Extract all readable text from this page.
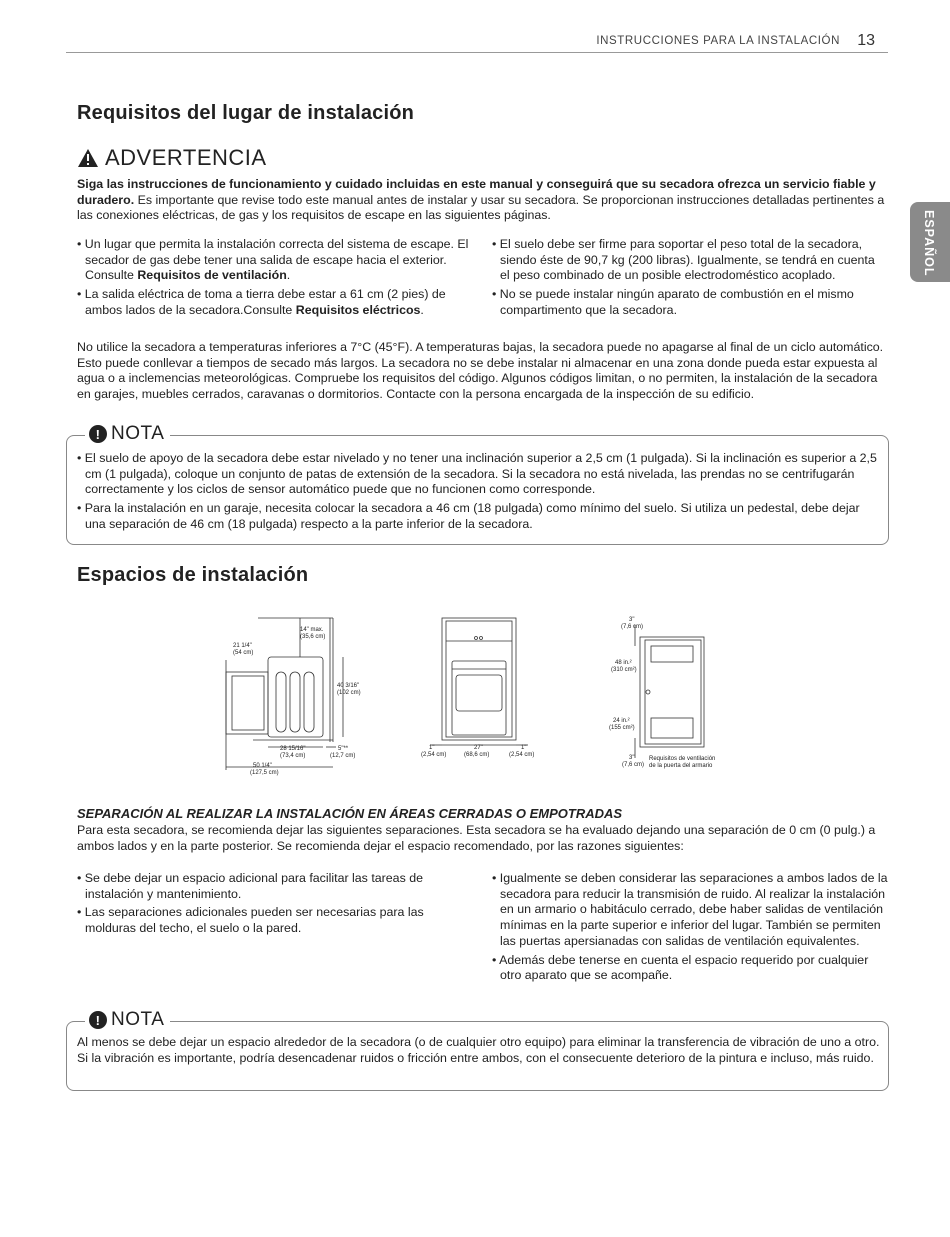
INSTRUCCIONES PARA LA INSTALACIÓN 13
ESPAÑOL
Requisitos del lugar de instalación
ADVERTENCIA
Siga las instrucciones de funcionamiento y cuidado incluidas en este manual y conseguirá que su secadora ofrezca un servicio fiable y duradero. Es importante que revise todo este manual antes de instalar y usar su secadora. Se proporcionan instrucciones detalladas pertinentes a las conexiones eléctricas, de gas y los requisitos de escape en las siguientes páginas.
• Un lugar que permita la instalación correcta del sistema de escape. El secador de gas debe tener una salida de escape hacia el exterior. Consulte Requisitos de ventilación.
• La salida eléctrica de toma a tierra debe estar a 61 cm (2 pies) de ambos lados de la secadora.Consulte Requisitos eléctricos.
• El suelo debe ser firme para soportar el peso total de la secadora, siendo éste de 90,7 kg (200 libras). Igualmente, se tendrá en cuenta el peso combinado de un posible electrodoméstico acoplado.
• No se puede instalar ningún aparato de combustión en el mismo compartimento que la secadora.
No utilice la secadora a temperaturas inferiores a 7°C (45°F). A temperaturas bajas, la secadora puede no apagarse al final de un ciclo automático. Esto puede conllevar a tiempos de secado más largos. La secadora no se debe instalar ni almacenar en una zona donde pueda estar expuesta al agua o a inclemencias meteorológicas. Compruebe los requisitos del código. Algunos códigos limitan, o no permiten, la instalación de la secadora en garajes, muebles cerrados, caravanas o dormitorios. Contacte con la persona encargada de la inspección de su edificio.
! NOTA
• El suelo de apoyo de la secadora debe estar nivelado y no tener una inclinación superior a 2,5 cm (1 pulgada). Si la inclinación es superior a 2,5 cm (1 pulgada), coloque un conjunto de patas de extensión de la secadora. Si la secadora no está nivelada, las prendas no se centrifugarán correctamente y los ciclos de sensor automático puede que no funcionen como corresponde.
• Para la instalación en un garaje, necesita colocar la secadora a 46 cm (18 pulgada) como mínimo del suelo. Si utiliza un pedestal, debe dejar una separación de 46 cm (18 pulgada) respecto a la parte inferior de la secadora.
Espacios de instalación
14" max.
(35,6 cm)
21 1/4"
(54 cm)
40 3/16"
(102 cm)
28 15/16"
(73,4 cm)
5"**
(12,7 cm)
50 1/4"
(127,5 cm)
1"
(2,54 cm)
27"
(68,6 cm)
1"
(2,54 cm)
3"
(7,6 cm)
48 in.²
(310 cm²)
24 in.²
(155 cm²)
3"
(7,6 cm)
Requisitos de ventilación
de la puerta del armario
SEPARACIÓN AL REALIZAR LA INSTALACIÓN EN ÁREAS CERRADAS O EMPOTRADAS
Para esta secadora, se recomienda dejar las siguientes separaciones. Esta secadora se ha evaluado dejando una separación de 0 cm (0 pulg.) a ambos lados y en la parte posterior. Se recomienda dejar el espacio recomendado, por las razones siguientes:
• Se debe dejar un espacio adicional para facilitar las tareas de instalación y mantenimiento.
• Las separaciones adicionales pueden ser necesarias para las molduras del techo, el suelo o la pared.
• Igualmente se deben considerar las separaciones a ambos lados de la secadora para reducir la transmisión de ruido. Al realizar la instalación en un armario o habitáculo cerrado, debe haber salidas de ventilación mínimas en la parte superior e inferior del lugar. También se permiten las puertas apersianadas con salidas de ventilación equivalentes.
• Además debe tenerse en cuenta el espacio requerido por cualquier otro aparato que se acompañe.
! NOTA
Al menos se debe dejar un espacio alrededor de la secadora (o de cualquier otro equipo) para eliminar la transferencia de vibración de uno a otro. Si la vibración es importante, podría desencadenar ruidos o fricción entre ambos, con el consecuente deterioro de la pintura e incluso, más ruido.
